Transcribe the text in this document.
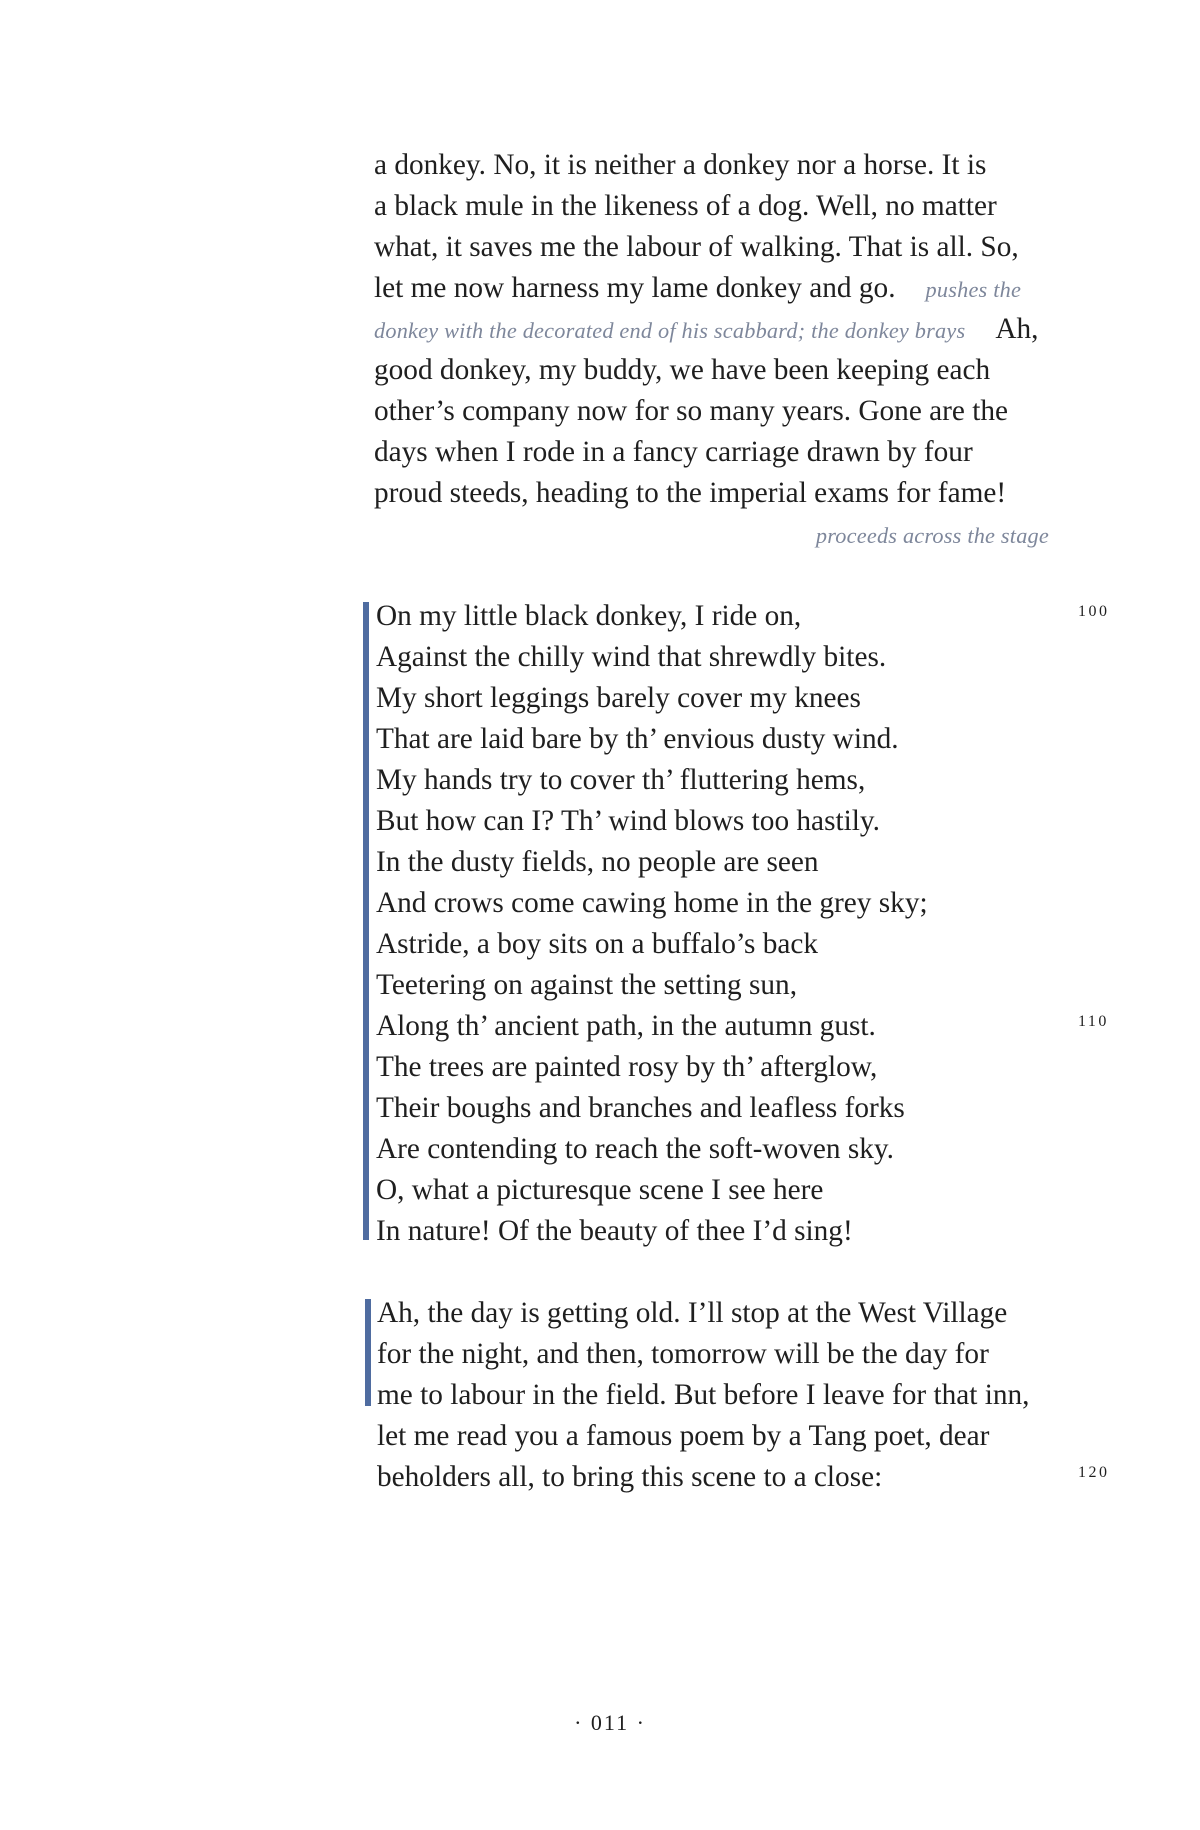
a donkey. No, it is neither a donkey nor a horse. It is
a black mule in the likeness of a dog. Well, no matter
what, it saves me the labour of walking. That is all. So,
let me now harness my lame donkey and go. pushes the
donkey with the decorated end of his scabbard; the donkey brays Ah,
good donkey, my buddy, we have been keeping each
other’s company now for so many years. Gone are the
days when I rode in a fancy carriage drawn by four
proud steeds, heading to the imperial exams for fame!
proceeds across the stage
On my little black donkey, I ride on,
Against the chilly wind that shrewdly bites.
My short leggings barely cover my knees
That are laid bare by th’ envious dusty wind.
My hands try to cover th’ fluttering hems,
But how can I? Th’ wind blows too hastily.
In the dusty fields, no people are seen
And crows come cawing home in the grey sky;
Astride, a boy sits on a buffalo’s back
Teetering on against the setting sun,
Along th’ ancient path, in the autumn gust.
The trees are painted rosy by th’ afterglow,
Their boughs and branches and leafless forks
Are contending to reach the soft-woven sky.
O, what a picturesque scene I see here
In nature! Of the beauty of thee I’d sing!
100
110
Ah, the day is getting old. I’ll stop at the West Village
for the night, and then, tomorrow will be the day for
me to labour in the field. But before I leave for that inn,
let me read you a famous poem by a Tang poet, dear
beholders all, to bring this scene to a close:	120
· 011 ·
